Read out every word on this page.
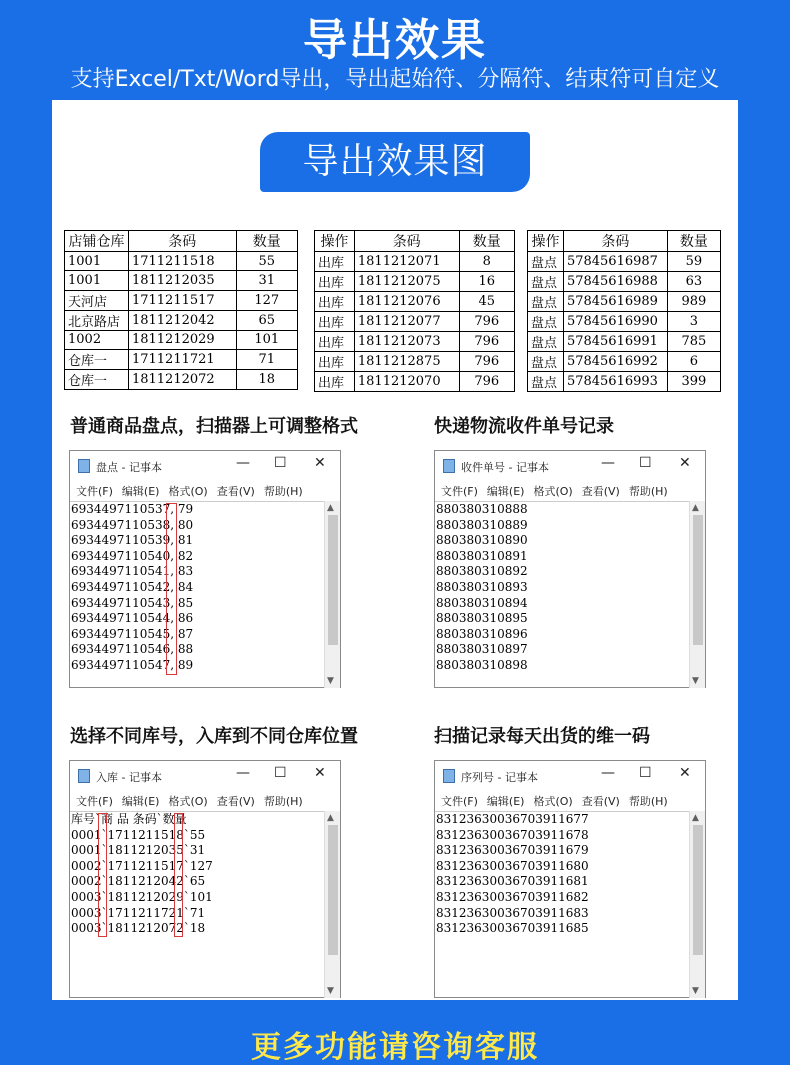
导出效果
支持Excel/Txt/Word导出，导出起始符、分隔符、结束符可自定义
导出效果图
店铺仓库	条码	数量
1001	1711211518	55
1001	1811212035	31
天河店	1711211517	127
北京路店	1811212042	65
1002	1811212029	101
仓库一	1711211721	71
仓库一	1811212072	18
操作	条码	数量
出库	1811212071	8
出库	1811212075	16
出库	1811212076	45
出库	1811212077	796
出库	1811212073	796
出库	1811212875	796
出库	1811212070	796
操作	条码	数量
盘点	57845616987	59
盘点	57845616988	63
盘点	57845616989	989
盘点	57845616990	3
盘点	57845616991	785
盘点	57845616992	6
盘点	57845616993	399
普通商品盘点，扫描器上可调整格式	快递物流收件单号记录
选择不同库号，入库到不同仓库位置	扫描记录每天出货的维一码
盘点 - 记事本	— ☐ ✕
文件(F) 编辑(E) 格式(O) 查看(V) 帮助(H)
6934497110537, 79
6934497110538, 80
6934497110539, 81
6934497110540, 82
6934497110541, 83
6934497110542, 84
6934497110543, 85
6934497110544, 86
6934497110545, 87
6934497110546, 88
6934497110547, 89
▲
▼
收件单号 - 记事本	— ☐ ✕
文件(F) 编辑(E) 格式(O) 查看(V) 帮助(H)
880380310888
880380310889
880380310890
880380310891
880380310892
880380310893
880380310894
880380310895
880380310896
880380310897
880380310898
▲
▼
入库 - 记事本	— ☐ ✕
文件(F) 编辑(E) 格式(O) 查看(V) 帮助(H)
库号`商 品 条码`数量
0001`1711211518`55
0001`1811212035`31
0002`1711211517`127
0002`1811212042`65
0003`1811212029`101
0003`1711211721`71
0003`1811212072`18
▲
▼
序列号 - 记事本	— ☐ ✕
文件(F) 编辑(E) 格式(O) 查看(V) 帮助(H)
8312363003670391167​7
83123630036703911678
83123630036703911679
83123630036703911680
83123630036703911681
83123630036703911682
83123630036703911683
83123630036703911685
▲
▼
更多功能请咨询客服
